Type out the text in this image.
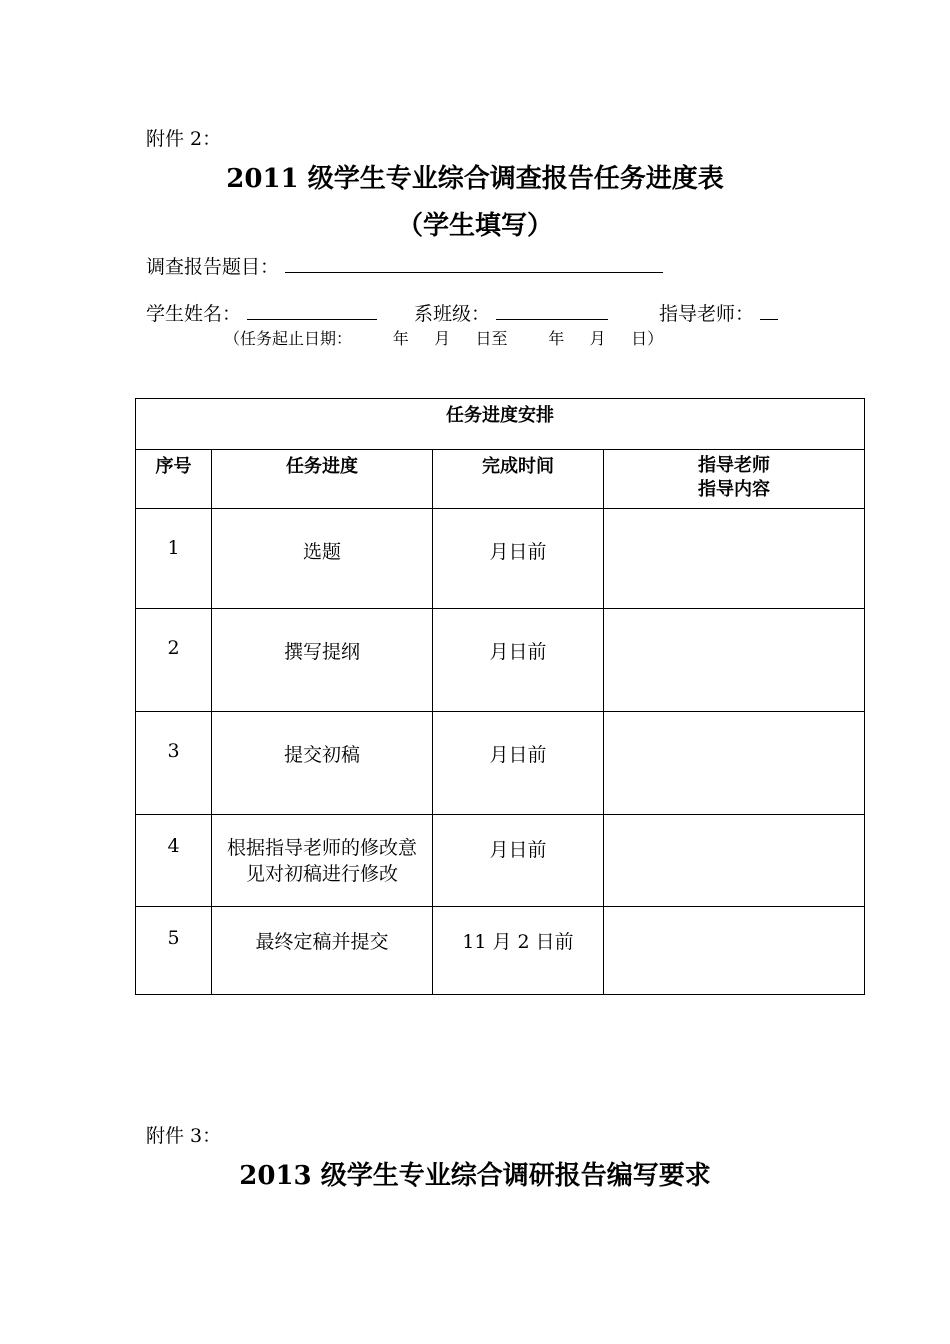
附件 2：
2011 级学生专业综合调查报告任务进度表
（学生填写）
调查报告题目：
学生姓名：	系班级：	指导老师：
（任务起止日期：        年     月     日至        年     月     日）
任务进度安排			
序号	任务进度	完成时间	指导老师
指导内容

1	选题	月日前	
2	撰写提纲	月日前	
3	提交初稿	月日前	
4	根据指导老师的修改意见对初稿进行修改	月日前	
5	最终定稿并提交	11 月 2 日前	
附件 3：
2013 级学生专业综合调研报告编写要求
